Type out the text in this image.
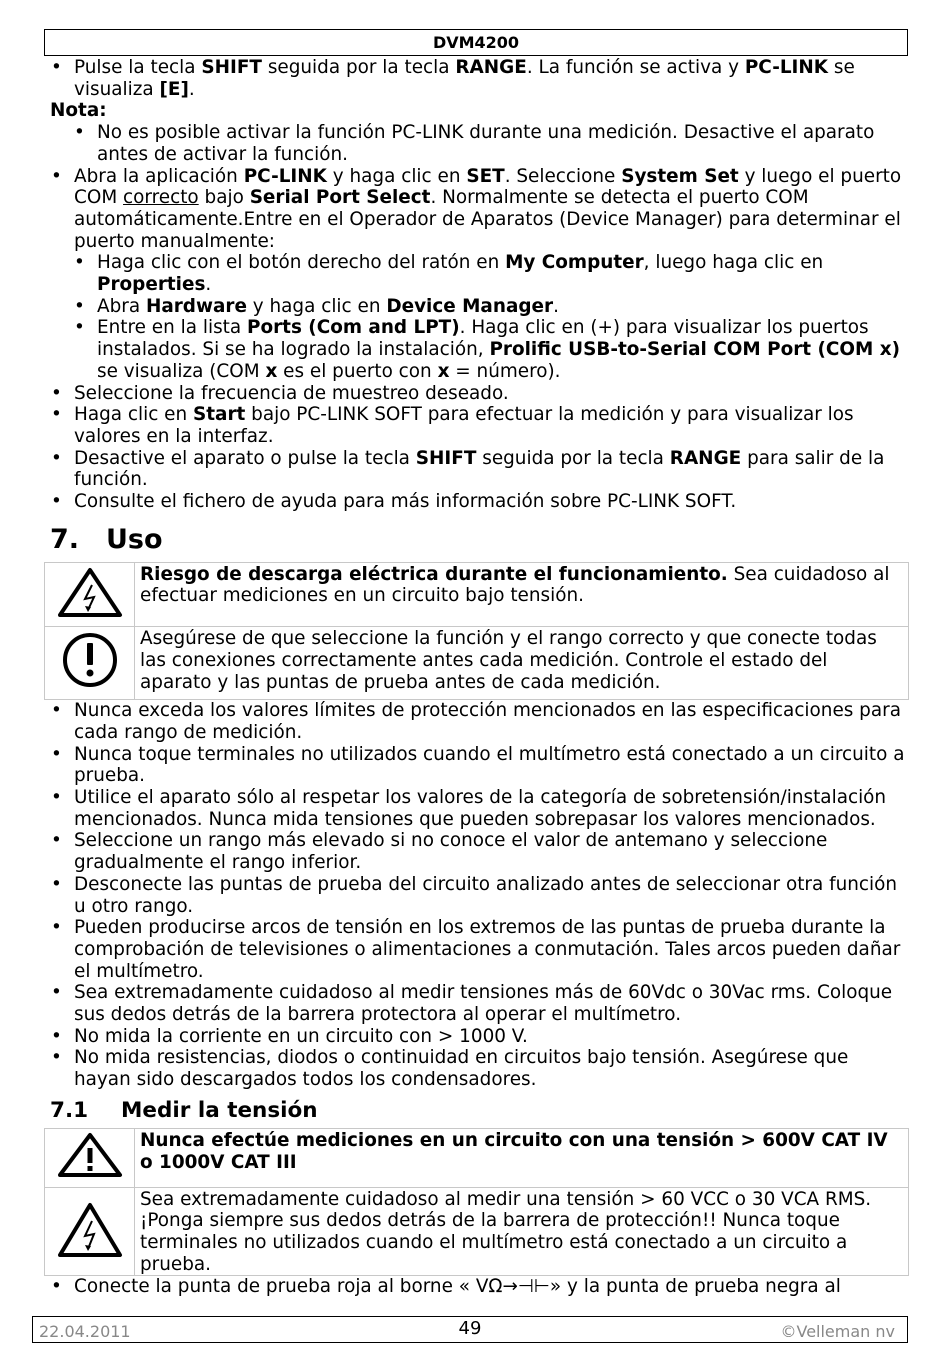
DVM4200
• Pulse la tecla SHIFT seguida por la tecla RANGE. La función se activa y PC-LINK se visualiza [E].
Nota:
• No es posible activar la función PC-LINK durante una medición. Desactive el aparato antes de activar la función.
• Abra la aplicación PC-LINK y haga clic en SET. Seleccione System Set y luego el puerto COM correcto bajo Serial Port Select. Normalmente se detecta el puerto COM automáticamente.Entre en el Operador de Aparatos (Device Manager) para determinar el puerto manualmente:
• Haga clic con el botón derecho del ratón en My Computer, luego haga clic en Properties.
• Abra Hardware y haga clic en Device Manager.
• Entre en la lista Ports (Com and LPT). Haga clic en (+) para visualizar los puertos instalados. Si se ha logrado la instalación, Prolific USB-to-Serial COM Port (COM x) se visualiza (COM x es el puerto con x = número).
• Seleccione la frecuencia de muestreo deseado.
• Haga clic en Start bajo PC-LINK SOFT para efectuar la medición y para visualizar los valores en la interfaz.
• Desactive el aparato o pulse la tecla SHIFT seguida por la tecla RANGE para salir de la función.
• Consulte el fichero de ayuda para más información sobre PC-LINK SOFT.
7. Uso
	Riesgo de descarga eléctrica durante el funcionamiento. Sea cuidadoso al efectuar mediciones en un circuito bajo tensión.
	Asegúrese de que seleccione la función y el rango correcto y que conecte todas las conexiones correctamente antes cada medición. Controle el estado del aparato y las puntas de prueba antes de cada medición.
• Nunca exceda los valores límites de protección mencionados en las especificaciones para cada rango de medición.
• Nunca toque terminales no utilizados cuando el multímetro está conectado a un circuito a prueba.
• Utilice el aparato sólo al respetar los valores de la categoría de sobretensión/instalación mencionados. Nunca mida tensiones que pueden sobrepasar los valores mencionados.
• Seleccione un rango más elevado si no conoce el valor de antemano y seleccione gradualmente el rango inferior.
• Desconecte las puntas de prueba del circuito analizado antes de seleccionar otra función u otro rango.
• Pueden producirse arcos de tensión en los extremos de las puntas de prueba durante la comprobación de televisiones o alimentaciones a conmutación. Tales arcos pueden dañar el multímetro.
• Sea extremadamente cuidadoso al medir tensiones más de 60Vdc o 30Vac rms. Coloque sus dedos detrás de la barrera protectora al operar el multímetro.
• No mida la corriente en un circuito con > 1000 V.
• No mida resistencias, diodos o continuidad en circuitos bajo tensión. Asegúrese que hayan sido descargados todos los condensadores.
7.1 Medir la tensión
	Nunca efectúe mediciones en un circuito con una tensión > 600V CAT IV o 1000V CAT III
	Sea extremadamente cuidadoso al medir una tensión > 60 VCC o 30 VCA RMS. ¡Ponga siempre sus dedos detrás de la barrera de protección!! Nunca toque terminales no utilizados cuando el multímetro está conectado a un circuito a prueba.
• Conecte la punta de prueba roja al borne « VΩ→⊣⊢» y la punta de prueba negra al
22.04.2011	49	©Velleman nv
